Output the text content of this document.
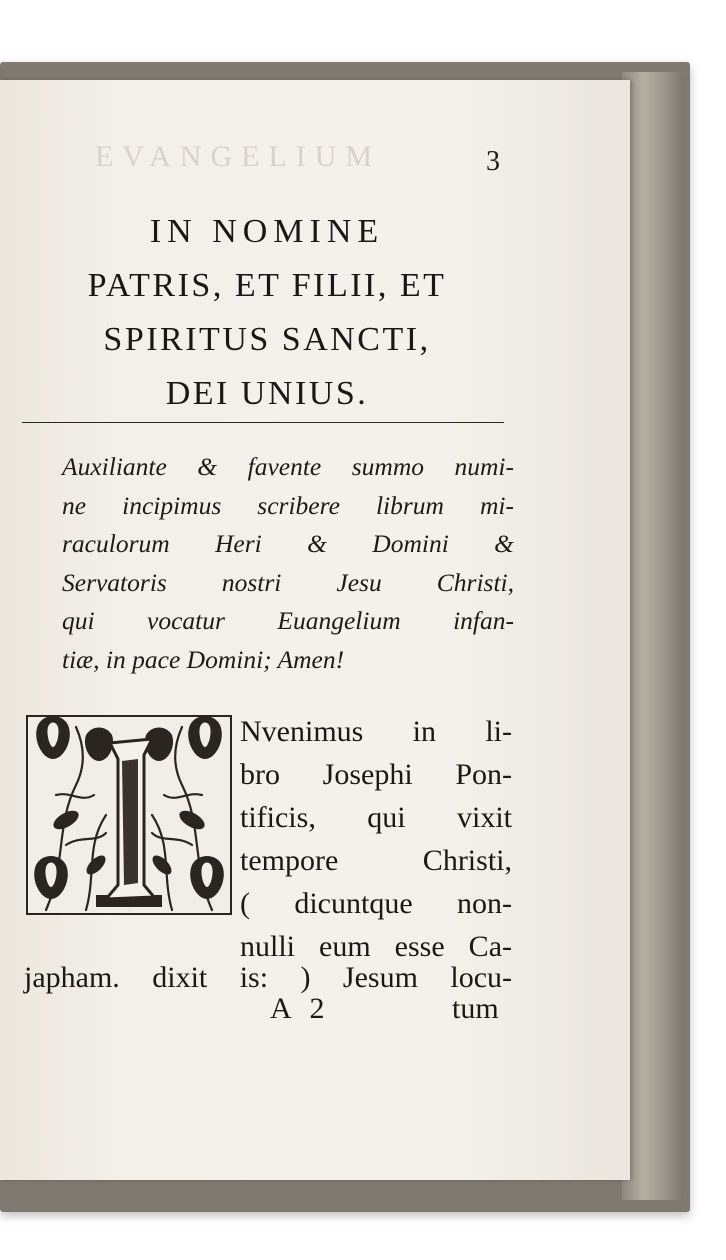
EVANGELIUM	3
IN NOMINE
PATRIS, ET FILII, ET
SPIRITUS SANCTI,
DEI UNIUS.
Auxiliante & favente summo numi-
ne incipimus scribere librum mi-
raculorum Heri & Domini &
Servatoris nostri Jesu Christi,
qui vocatur Euangelium infan-
tiæ, in pace Domini; Amen!
I
Nvenimus in li-
bro Josephi Pon-
tificis, qui vixit
tempore Christi,
( dicuntque non-
nulli eum esse Ca-
japham. dixit is: ) Jesum locu-
A 2	tum
